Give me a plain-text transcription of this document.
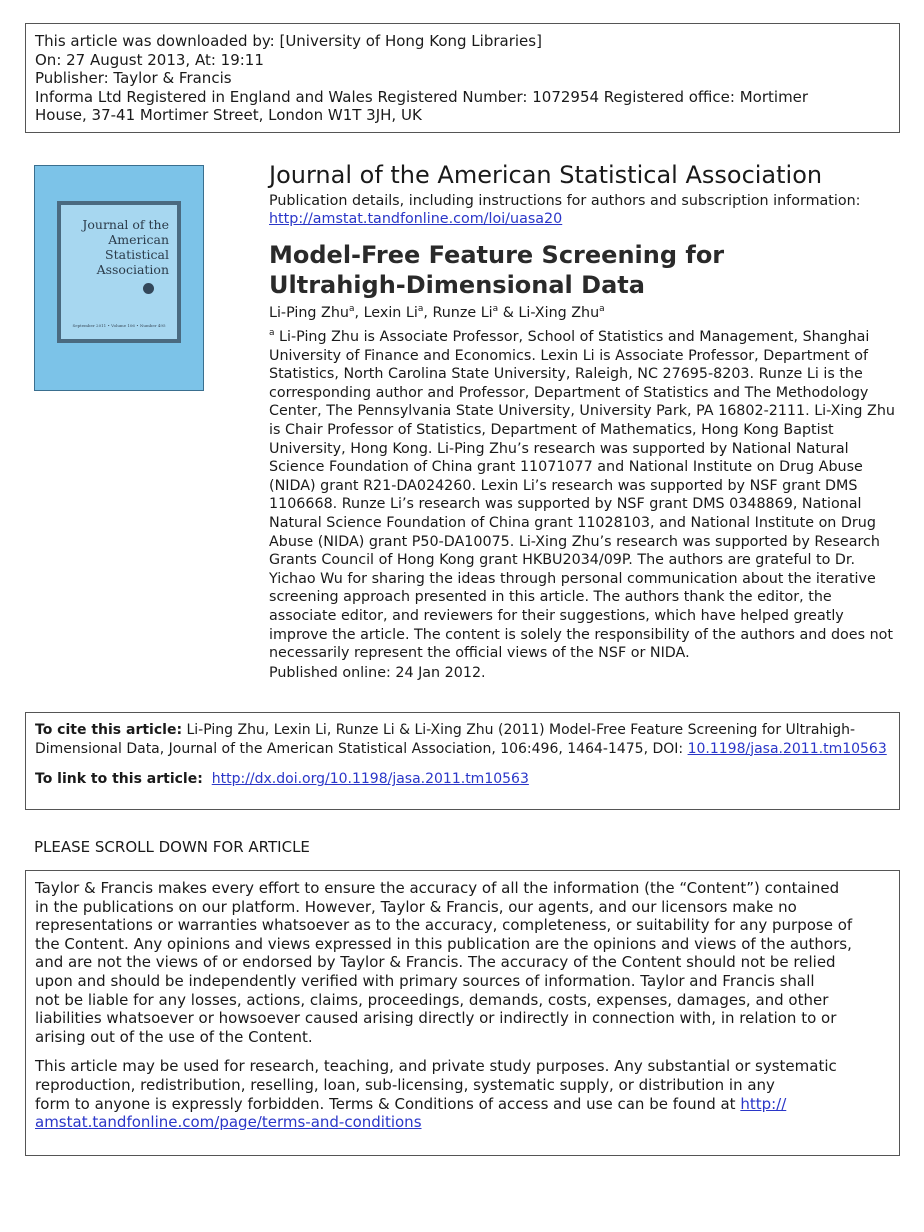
This article was downloaded by: [University of Hong Kong Libraries]

On: 27 August 2013, At: 19:11

Publisher: Taylor & Francis

Informa Ltd Registered in England and Wales Registered Number: 1072954 Registered office: Mortimer

House, 37-41 Mortimer Street, London W1T 3JH, UK

Journal of the
American
Statistical
Association
September 2011 • Volume 106 • Number 495
Journal of the American Statistical Association
Publication details, including instructions for authors and subscription information:
http://amstat.tandfonline.com/loi/uasa20
Model-Free Feature Screening for Ultrahigh-Dimensional Data
Li-Ping Zhu$^a$, Lexin Li$^a$, Runze Li$^a$ & Li-Xing Zhu$^a$
$^a$ Li-Ping Zhu is Associate Professor, School of Statistics and Management, Shanghai University of Finance and Economics. Lexin Li is Associate Professor, Department of Statistics, North Carolina State University, Raleigh, NC 27695-8203. Runze Li is the corresponding author and Professor, Department of Statistics and The Methodology Center, The Pennsylvania State University, University Park, PA 16802-2111. Li-Xing Zhu is Chair Professor of Statistics, Department of Mathematics, Hong Kong Baptist University, Hong Kong. Li-Ping Zhu’s research was supported by National Natural Science Foundation of China grant 11071077 and National Institute on Drug Abuse (NIDA) grant R21-DA024260. Lexin Li’s research was supported by NSF grant DMS 1106668. Runze Li’s research was supported by NSF grant DMS 0348869, National Natural Science Foundation of China grant 11028103, and National Institute on Drug Abuse (NIDA) grant P50-DA10075. Li-Xing Zhu’s research was supported by Research Grants Council of Hong Kong grant HKBU2034/09P. The authors are grateful to Dr. Yichao Wu for sharing the ideas through personal communication about the iterative screening approach presented in this article. The authors thank the editor, the associate editor, and reviewers for their suggestions, which have helped greatly improve the article. The content is solely the responsibility of the authors and does not necessarily represent the official views of the NSF or NIDA.
Published online: 24 Jan 2012.

To cite this article: Li-Ping Zhu, Lexin Li, Runze Li & Li-Xing Zhu (2011) Model-Free Feature Screening for Ultrahigh-Dimensional Data, Journal of the American Statistical Association, 106:496, 1464-1475, DOI: 10.1198/jasa.2011.tm10563

To link to this article: http://dx.doi.org/10.1198/jasa.2011.tm10563

PLEASE SCROLL DOWN FOR ARTICLE

Taylor & Francis makes every effort to ensure the accuracy of all the information (the “Content”) contained

in the publications on our platform. However, Taylor & Francis, our agents, and our licensors make no

representations or warranties whatsoever as to the accuracy, completeness, or suitability for any purpose of

the Content. Any opinions and views expressed in this publication are the opinions and views of the authors,

and are not the views of or endorsed by Taylor & Francis. The accuracy of the Content should not be relied

upon and should be independently verified with primary sources of information. Taylor and Francis shall

not be liable for any losses, actions, claims, proceedings, demands, costs, expenses, damages, and other

liabilities whatsoever or howsoever caused arising directly or indirectly in connection with, in relation to or

arising out of the use of the Content.

This article may be used for research, teaching, and private study purposes. Any substantial or systematic

reproduction, redistribution, reselling, loan, sub-licensing, systematic supply, or distribution in any

form to anyone is expressly forbidden. Terms & Conditions of access and use can be found at http://

amstat.tandfonline.com/page/terms-and-conditions
